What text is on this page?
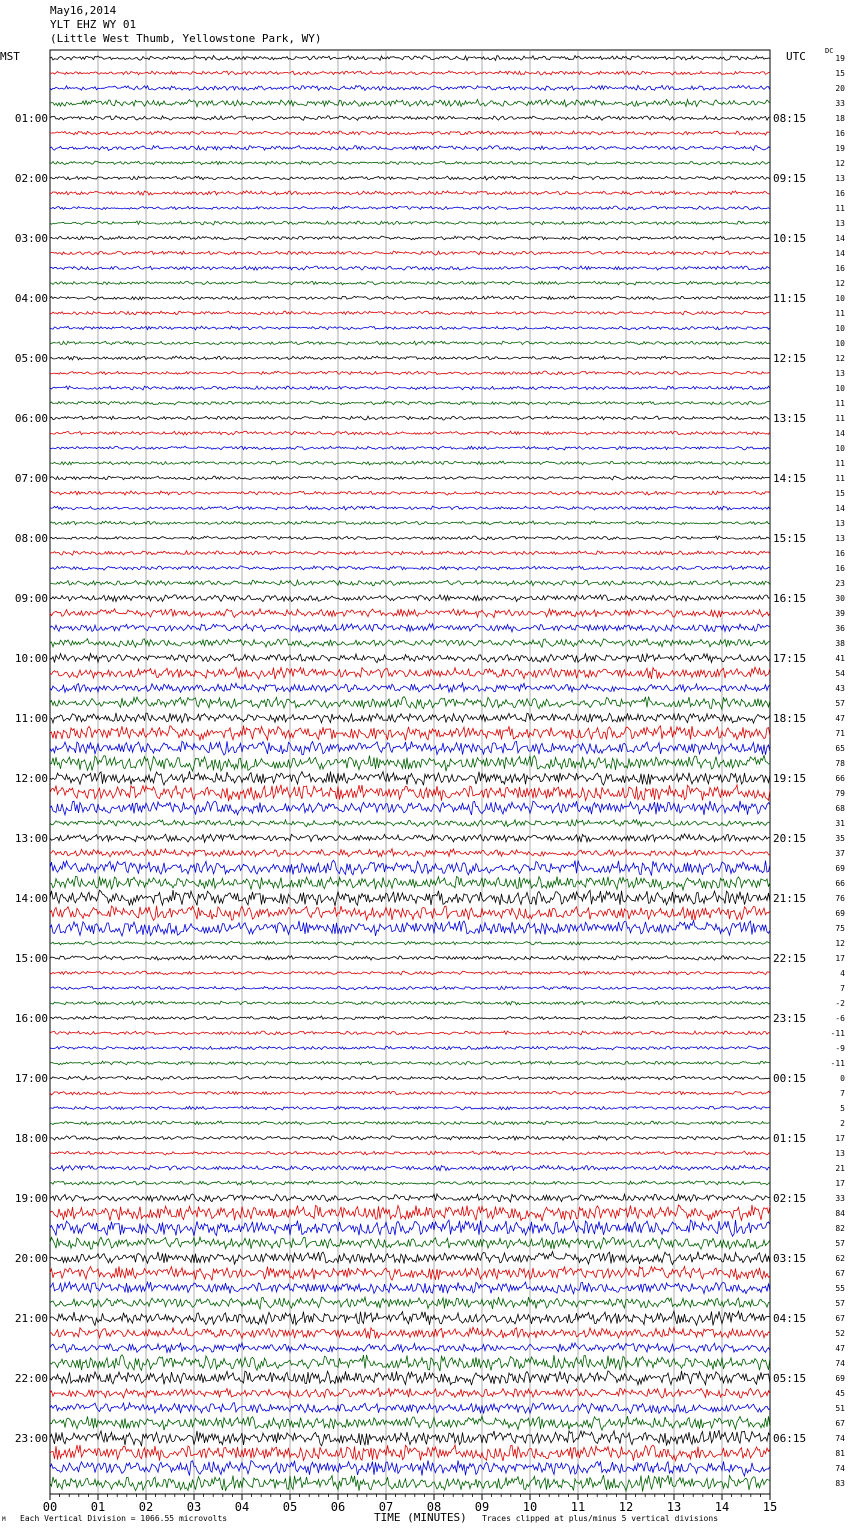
May16,2014
YLT EHZ WY 01
(Little West Thumb, Yellowstone Park, WY)
MST	UTC	DC
00	01	02	03	04	05	06	07	08	09	10	11	12	13	14	15
01:00
02:00
03:00
04:00
05:00
06:00
07:00
08:00
09:00
10:00
11:00
12:00
13:00
14:00
15:00
16:00
17:00
18:00
19:00
20:00
21:00
22:00
23:00
08:15
09:15
10:15
11:15
12:15
13:15
14:15
15:15
16:15
17:15
18:15
19:15
20:15
21:15
22:15
23:15
00:15
01:15
02:15
03:15
04:15
05:15
06:15
19
15
20
33
18
16
19
12
13
16
11
13
14
14
16
12
10
11
10
10
12
13
10
11
11
14
10
11
11
15
14
13
13
16
16
23
30
39
36
38
41
54
43
57
47
71
65
78
66
79
68
31
35
37
69
66
76
69
75
12
17
4
7
-2
-6
-11
-9
-11
0
7
5
2
17
13
21
17
33
84
82
57
62
67
55
57
67
52
47
74
69
45
51
67
74
81
74
83
M Each Vertical Division = 1066.55 microvolts	TIME (MINUTES) Traces clipped at plus/minus 5 vertical divisions
